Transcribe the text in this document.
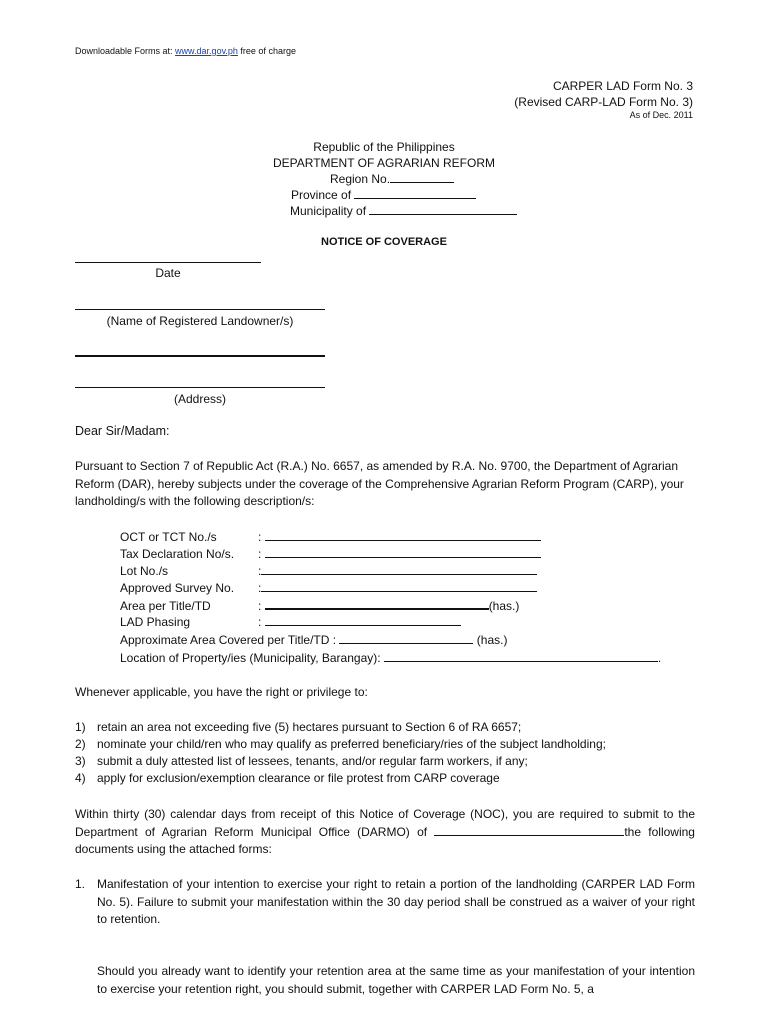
Downloadable Forms at: www.dar.gov.ph free of charge
CARPER LAD Form No. 3
(Revised CARP-LAD Form No. 3)
As of Dec. 2011
Republic of the Philippines
DEPARTMENT OF AGRARIAN REFORM
Region No.
Province of
Municipality of
NOTICE OF COVERAGE
Date
(Name of Registered Landowner/s)
(Address)
Dear Sir/Madam:
Pursuant to Section 7 of Republic Act (R.A.) No. 6657, as amended by R.A. No. 9700, the Department of Agrarian Reform (DAR), hereby subjects under the coverage of the Comprehensive Agrarian Reform Program (CARP), your landholding/s with the following description/s:
OCT or TCT No./s	:
Tax Declaration No/s. :
Lot No./s	:
Approved Survey No. :
Area per Title/TD	:	(has.)
LAD Phasing	:
Approximate Area Covered per Title/TD :	(has.)
Location of Property/ies (Municipality, Barangay):	.
Whenever applicable, you have the right or privilege to:
1) retain an area not exceeding five (5) hectares pursuant to Section 6 of RA 6657;
2) nominate your child/ren who may qualify as preferred beneficiary/ries of the subject landholding;
3) submit a duly attested list of lessees, tenants, and/or regular farm workers, if any;
4) apply for exclusion/exemption clearance or file protest from CARP coverage
Within thirty (30) calendar days from receipt of this Notice of Coverage (NOC), you are required to submit to the Department of Agrarian Reform Municipal Office (DARMO) of	the following documents using the attached forms:
1. Manifestation of your intention to exercise your right to retain a portion of the landholding (CARPER LAD Form No. 5). Failure to submit your manifestation within the 30 day period shall be construed as a waiver of your right to retention.
Should you already want to identify your retention area at the same time as your manifestation of your intention to exercise your retention right, you should submit, together with CARPER LAD Form No. 5, a
